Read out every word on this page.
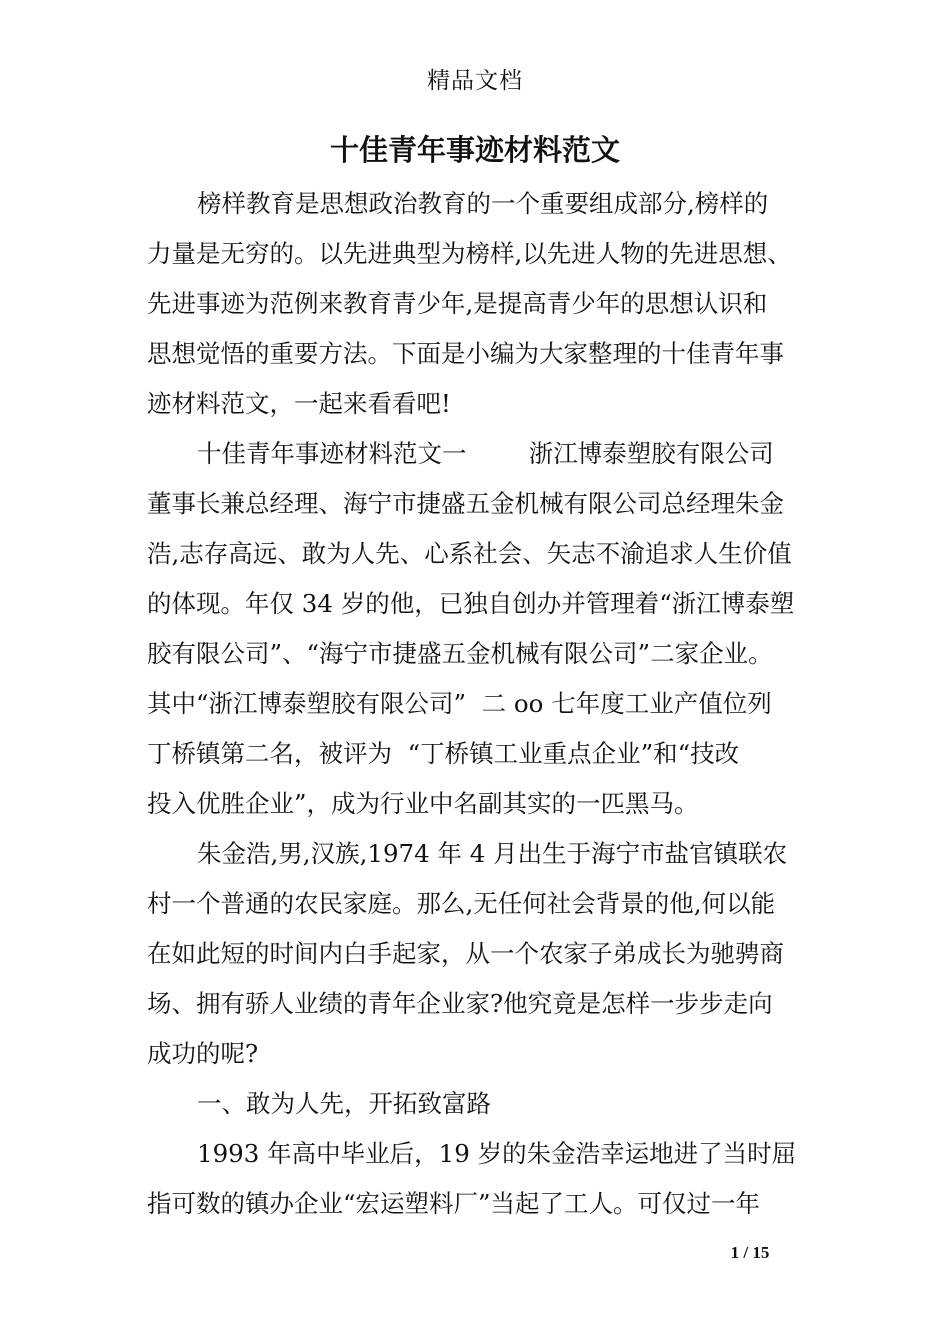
精品文档
十佳青年事迹材料范文
榜样教育是思想政治教育的一个重要组成部分,榜样的
力量是无穷的。以先进典型为榜样,以先进人物的先进思想、
先进事迹为范例来教育青少年,是提高青少年的思想认识和
思想觉悟的重要方法。下面是小编为大家整理的十佳青年事
迹材料范文，一起来看看吧!
十佳青年事迹材料范文一        浙江博泰塑胶有限公司
董事长兼总经理、海宁市捷盛五金机械有限公司总经理朱金
浩,志存高远、敢为人先、心系社会、矢志不渝追求人生价值
的体现。年仅 34 岁的他，已独自创办并管理着“浙江博泰塑
胶有限公司”、“海宁市捷盛五金机械有限公司”二家企业。
其中“浙江博泰塑胶有限公司”  二 oo 七年度工业产值位列
丁桥镇第二名，被评为  “丁桥镇工业重点企业”和“技改
投入优胜企业”，成为行业中名副其实的一匹黑马。
朱金浩,男,汉族,1974 年 4 月出生于海宁市盐官镇联农
村一个普通的农民家庭。那么,无任何社会背景的他,何以能
在如此短的时间内白手起家，从一个农家子弟成长为驰骋商
场、拥有骄人业绩的青年企业家?他究竟是怎样一步步走向
成功的呢?
一、敢为人先，开拓致富路
1993 年高中毕业后，19 岁的朱金浩幸运地进了当时屈
指可数的镇办企业“宏运塑料厂”当起了工人。可仅过一年
1 / 15
